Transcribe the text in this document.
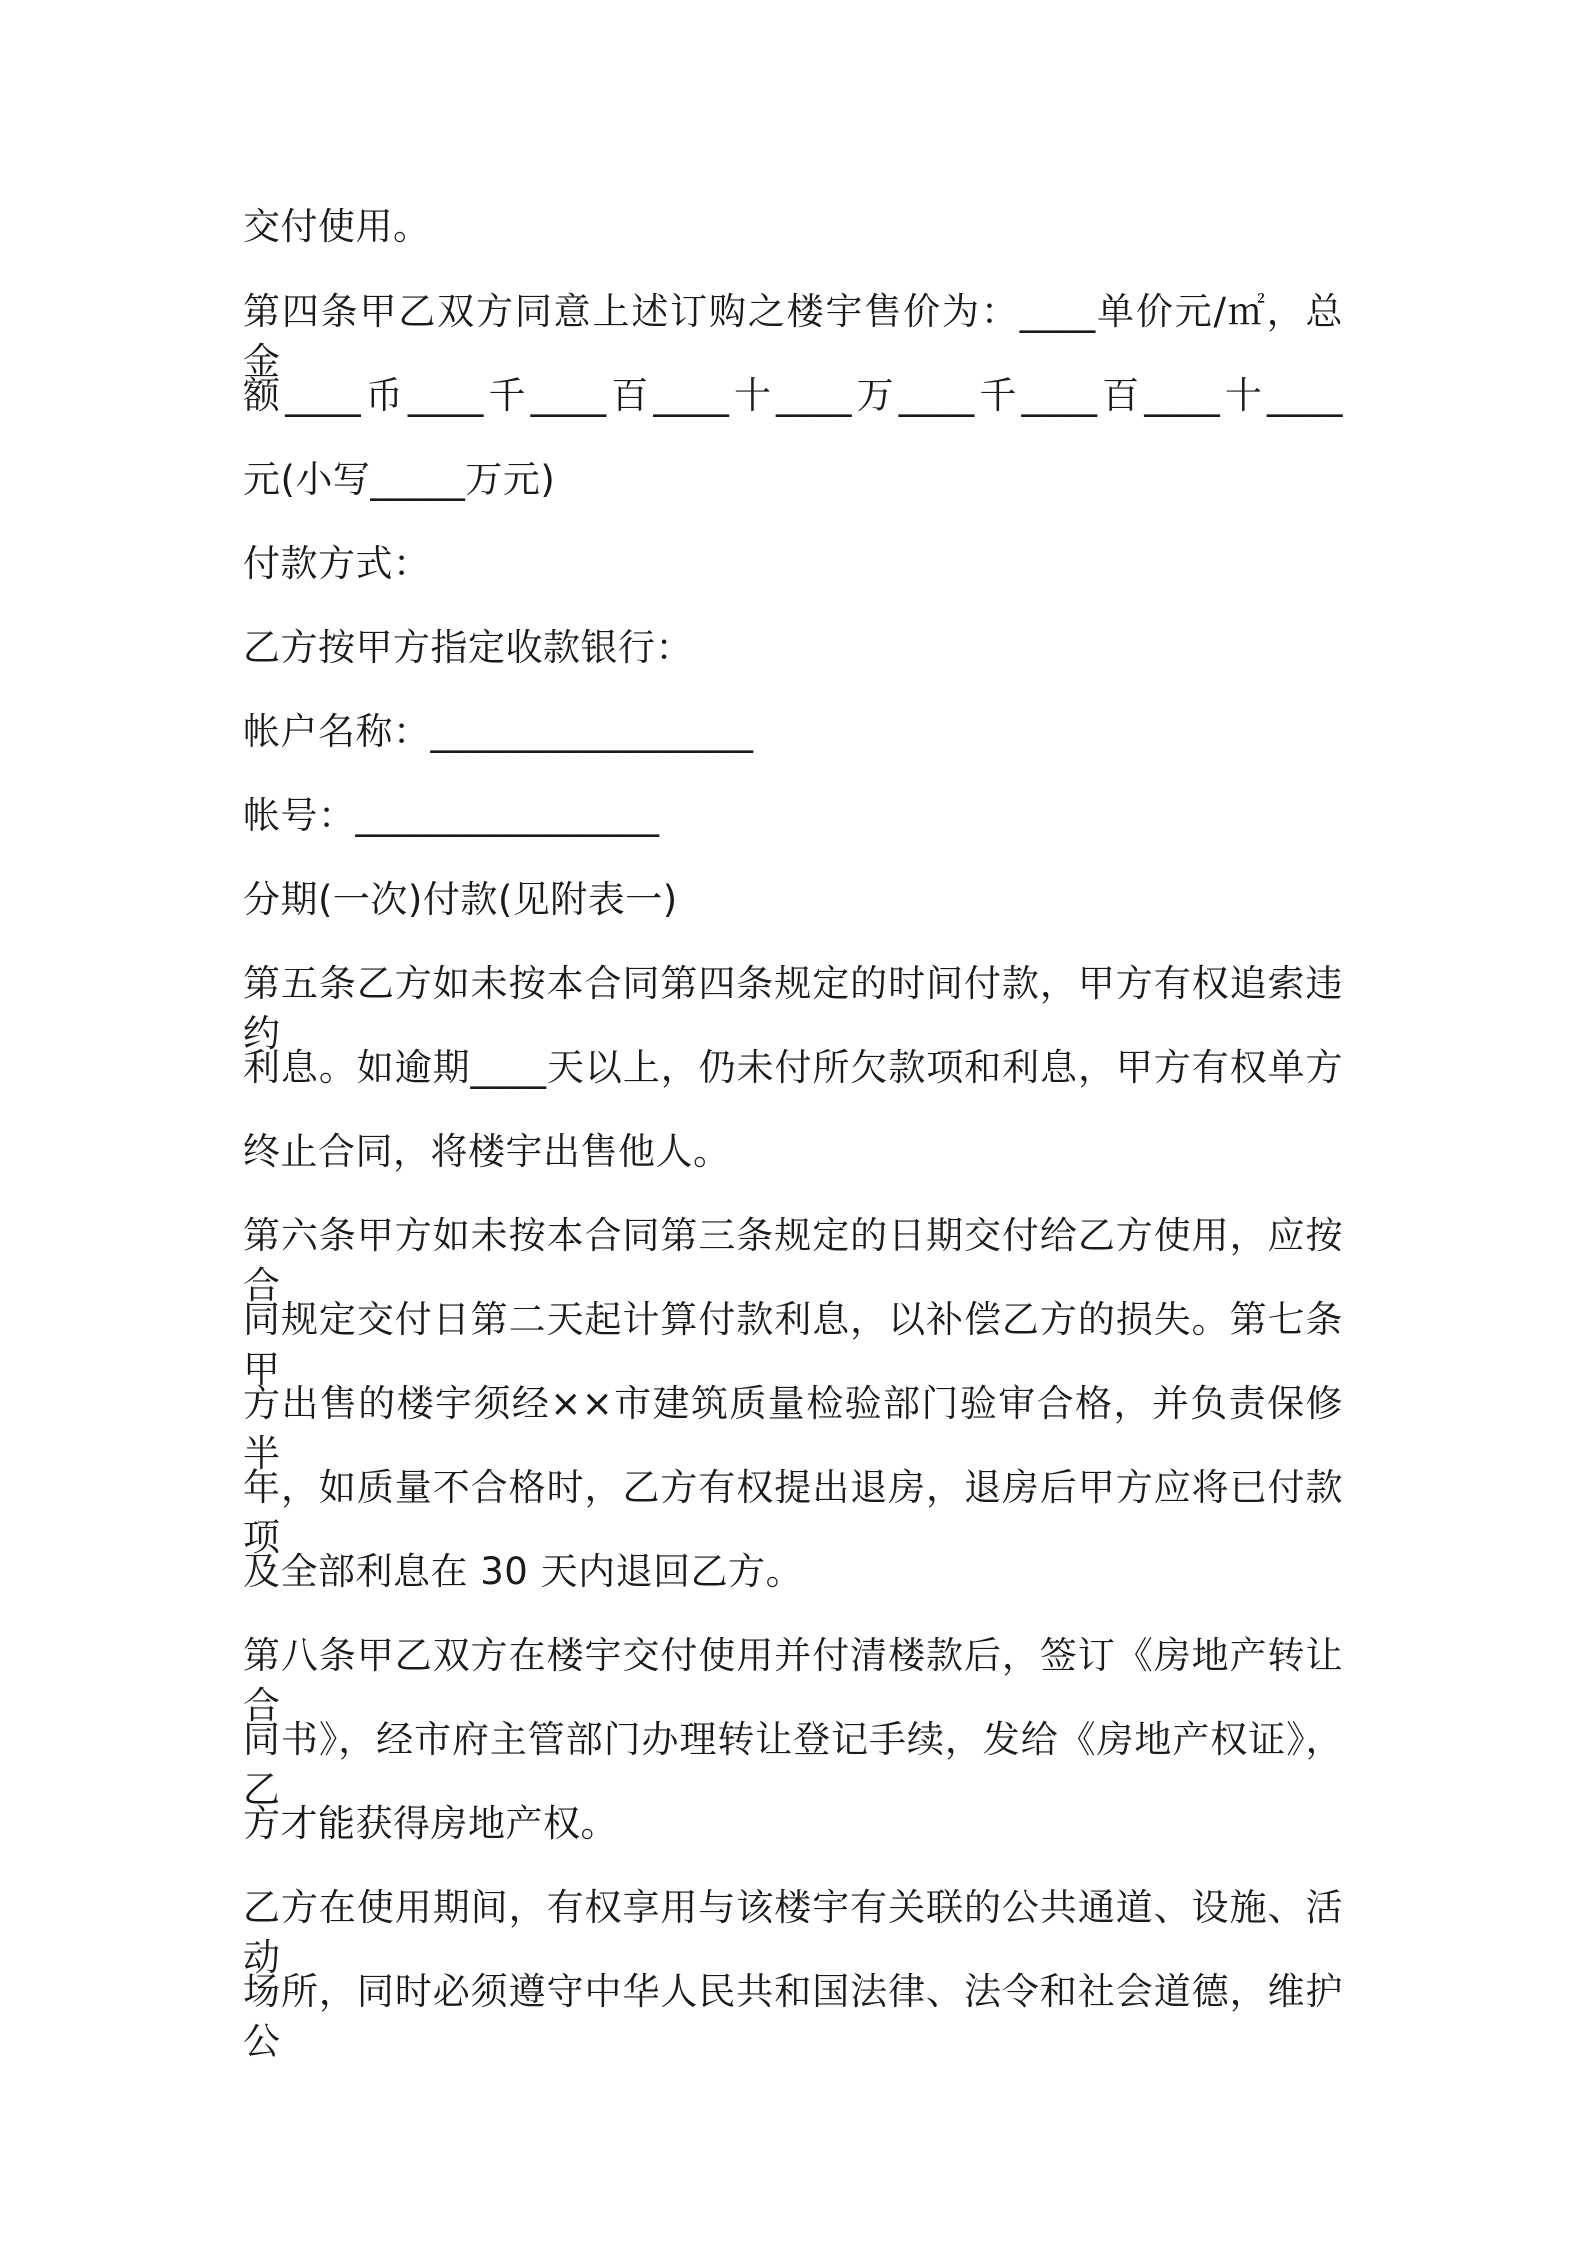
交付使用。
第四条甲乙双方同意上述订购之楼宇售价为：____单价元/㎡，总金
额____币____千____百____十____万____千____百____十____
元(小写_____万元)
付款方式：
乙方按甲方指定收款银行：
帐户名称：_________________
帐号：________________
分期(一次)付款(见附表一)
第五条乙方如未按本合同第四条规定的时间付款，甲方有权追索违约
利息。如逾期____天以上，仍未付所欠款项和利息，甲方有权单方
终止合同，将楼宇出售他人。
第六条甲方如未按本合同第三条规定的日期交付给乙方使用，应按合
同规定交付日第二天起计算付款利息，以补偿乙方的损失。第七条甲
方出售的楼宇须经××市建筑质量检验部门验审合格，并负责保修半
年，如质量不合格时，乙方有权提出退房，退房后甲方应将已付款项
及全部利息在 30 天内退回乙方。
第八条甲乙双方在楼宇交付使用并付清楼款后，签订《房地产转让合
同书》，经市府主管部门办理转让登记手续，发给《房地产权证》，乙
方才能获得房地产权。
乙方在使用期间，有权享用与该楼宇有关联的公共通道、设施、活动
场所，同时必须遵守中华人民共和国法律、法令和社会道德，维护公
